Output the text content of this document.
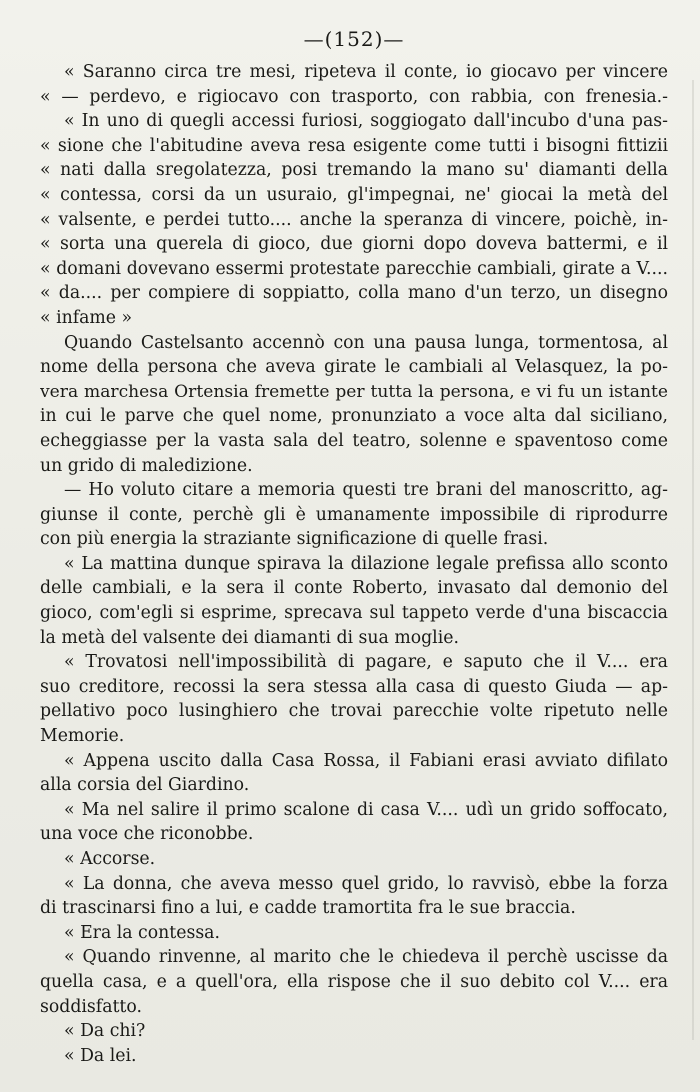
—(152)—
« Saranno circa tre mesi, ripeteva il conte, io giocavo per vincere
« — perdevo, e rigiocavo con trasporto, con rabbia, con frenesia.-
« In uno di quegli accessi furiosi, soggiogato dall'incubo d'una pas-
« sione che l'abitudine aveva resa esigente come tutti i bisogni fittizii
« nati dalla sregolatezza, posi tremando la mano su' diamanti della
« contessa, corsi da un usuraio, gl'impegnai, ne' giocai la metà del
« valsente, e perdei tutto.... anche la speranza di vincere, poichè, in-
« sorta una querela di gioco, due giorni dopo doveva battermi, e il
« domani dovevano essermi protestate parecchie cambiali, girate a V....
« da.... per compiere di soppiatto, colla mano d'un terzo, un disegno
« infame »
Quando Castelsanto accennò con una pausa lunga, tormentosa, al
nome della persona che aveva girate le cambiali al Velasquez, la po-
vera marchesa Ortensia fremette per tutta la persona, e vi fu un istante
in cui le parve che quel nome, pronunziato a voce alta dal siciliano,
echeggiasse per la vasta sala del teatro, solenne e spaventoso come
un grido di maledizione.
— Ho voluto citare a memoria questi tre brani del manoscritto, ag-
giunse il conte, perchè gli è umanamente impossibile di riprodurre
con più energia la straziante significazione di quelle frasi.
« La mattina dunque spirava la dilazione legale prefissa allo sconto
delle cambiali, e la sera il conte Roberto, invasato dal demonio del
gioco, com'egli si esprime, sprecava sul tappeto verde d'una biscaccia
la metà del valsente dei diamanti di sua moglie.
« Trovatosi nell'impossibilità di pagare, e saputo che il V.... era
suo creditore, recossi la sera stessa alla casa di questo Giuda — ap-
pellativo poco lusinghiero che trovai parecchie volte ripetuto nelle
Memorie.
« Appena uscito dalla Casa Rossa, il Fabiani erasi avviato difilato
alla corsia del Giardino.
« Ma nel salire il primo scalone di casa V.... udì un grido soffocato,
una voce che riconobbe.
« Accorse.
« La donna, che aveva messo quel grido, lo ravvisò, ebbe la forza
di trascinarsi fino a lui, e cadde tramortita fra le sue braccia.
« Era la contessa.
« Quando rinvenne, al marito che le chiedeva il perchè uscisse da
quella casa, e a quell'ora, ella rispose che il suo debito col V.... era
soddisfatto.
« Da chi?
« Da lei.
